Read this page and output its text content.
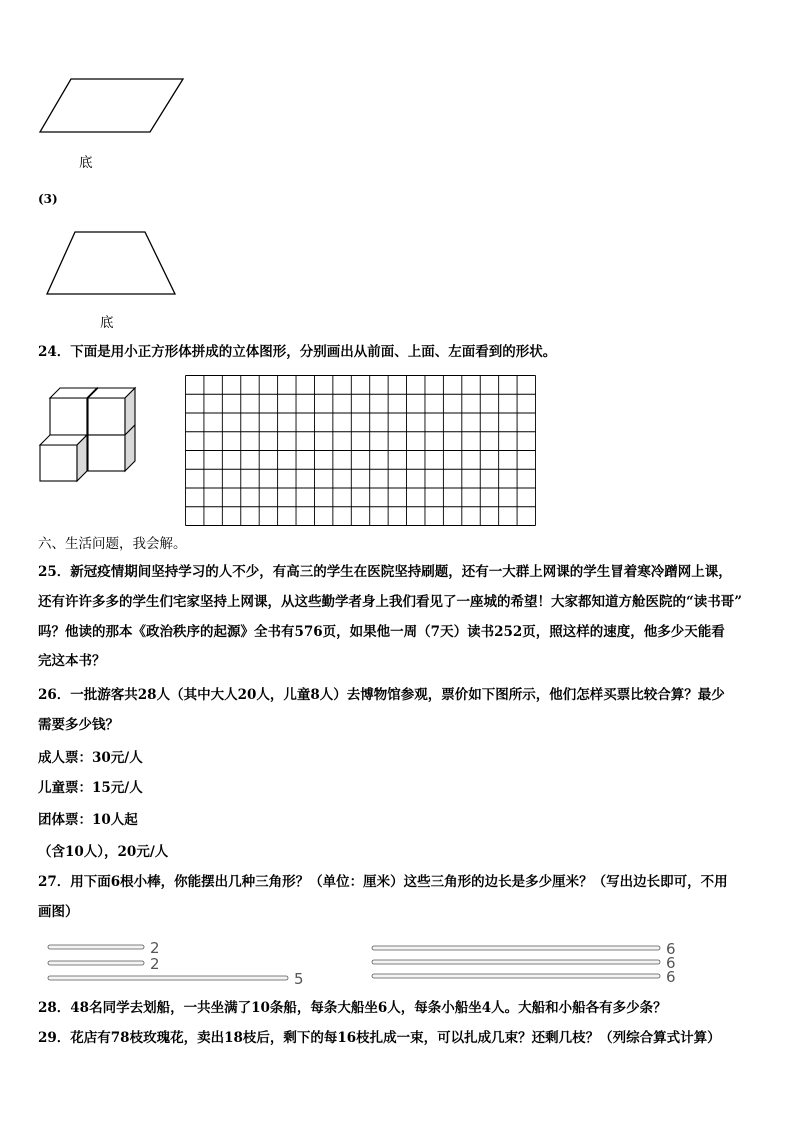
底
(3)
底
24．下面是用小正方形体拼成的立体图形，分别画出从前面、上面、左面看到的形状。
六、生活问题，我会解。
25．新冠疫情期间坚持学习的人不少，有高三的学生在医院坚持刷题，还有一大群上网课的学生冒着寒冷蹭网上课，
还有许许多多的学生们宅家坚持上网课，从这些勤学者身上我们看见了一座城的希望！大家都知道方舱医院的“读书哥”
吗？他读的那本《政治秩序的起源》全书有576页，如果他一周（7天）读书252页，照这样的速度，他多少天能看
完这本书？
26．一批游客共28人（其中大人20人，儿童8人）去博物馆参观，票价如下图所示，他们怎样买票比较合算？最少
需要多少钱？
成人票：30元/人
儿童票：15元/人
团体票：10人起
（含10人），20元/人
27．用下面6根小棒，你能摆出几种三角形？（单位：厘米）这些三角形的边长是多少厘米？（写出边长即可，不用
画图）
2
2
5
6
6
6
28．48名同学去划船，一共坐满了10条船，每条大船坐6人，每条小船坐4人。大船和小船各有多少条？
29．花店有78枝玫瑰花，卖出18枝后，剩下的每16枝扎成一束，可以扎成几束？还剩几枝？（列综合算式计算）
